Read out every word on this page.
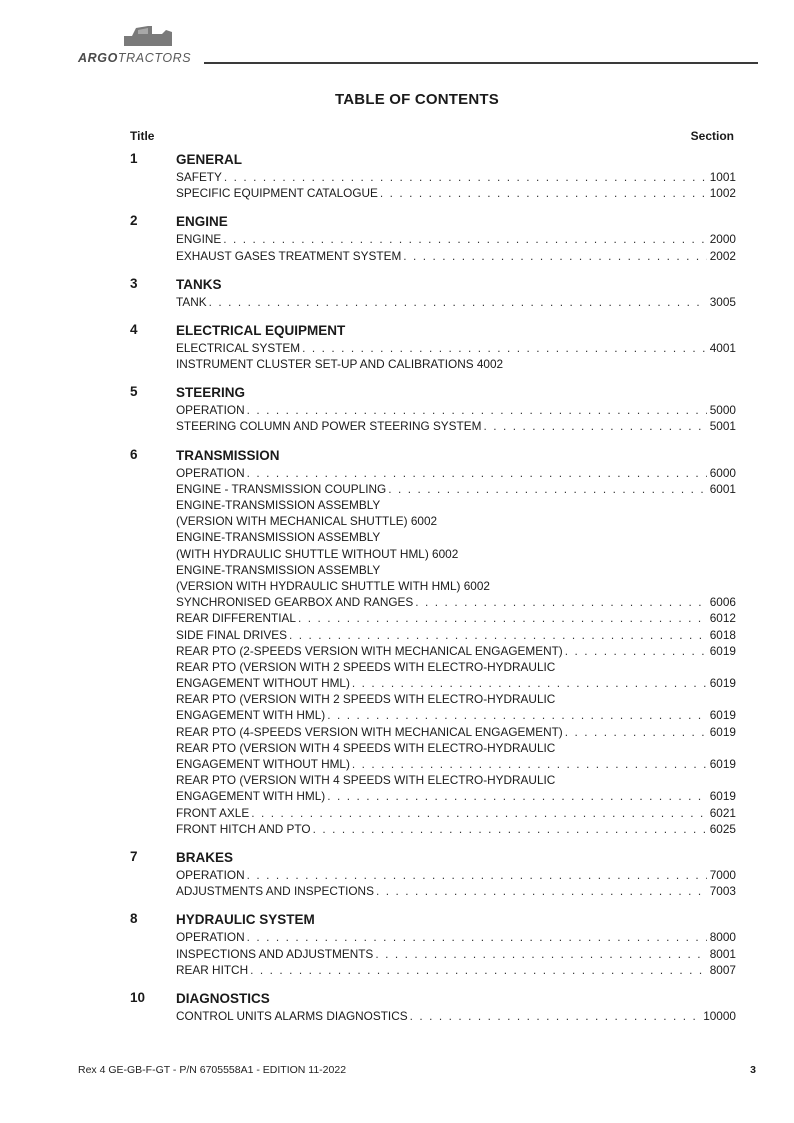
ARGOTRACTORS
TABLE OF CONTENTS
Title	Section
1	GENERAL
SAFETY . . .	1001
SPECIFIC EQUIPMENT CATALOGUE . . .	1002
2	ENGINE
ENGINE . . .	2000
EXHAUST GASES TREATMENT SYSTEM . . .	2002
3	TANKS
TANK . . .	3005
4	ELECTRICAL EQUIPMENT
ELECTRICAL SYSTEM . . .	4001
INSTRUMENT CLUSTER SET-UP AND CALIBRATIONS 4002
5	STEERING
OPERATION . . .	5000
STEERING COLUMN AND POWER STEERING SYSTEM . . .	5001
6	TRANSMISSION
OPERATION . . .	6000
ENGINE - TRANSMISSION COUPLING . . .	6001
ENGINE-TRANSMISSION ASSEMBLY
(VERSION WITH MECHANICAL SHUTTLE) 6002
ENGINE-TRANSMISSION ASSEMBLY
(WITH HYDRAULIC SHUTTLE WITHOUT HML) 6002
ENGINE-TRANSMISSION ASSEMBLY
(VERSION WITH HYDRAULIC SHUTTLE WITH HML) 6002
SYNCHRONISED GEARBOX AND RANGES . . .	6006
REAR DIFFERENTIAL . . .	6012
SIDE FINAL DRIVES . . .	6018
REAR PTO (2-SPEEDS VERSION WITH MECHANICAL ENGAGEMENT) . . .	6019
REAR PTO (VERSION WITH 2 SPEEDS WITH ELECTRO-HYDRAULIC
ENGAGEMENT WITHOUT HML) . . .	6019
REAR PTO (VERSION WITH 2 SPEEDS WITH ELECTRO-HYDRAULIC
ENGAGEMENT WITH HML) . . .	6019
REAR PTO (4-SPEEDS VERSION WITH MECHANICAL ENGAGEMENT) . . .	6019
REAR PTO (VERSION WITH 4 SPEEDS WITH ELECTRO-HYDRAULIC
ENGAGEMENT WITHOUT HML) . . .	6019
REAR PTO (VERSION WITH 4 SPEEDS WITH ELECTRO-HYDRAULIC
ENGAGEMENT WITH HML) . . .	6019
FRONT AXLE . . .	6021
FRONT HITCH AND PTO . . .	6025
7	BRAKES
OPERATION . . .	7000
ADJUSTMENTS AND INSPECTIONS . . .	7003
8	HYDRAULIC SYSTEM
OPERATION . . .	8000
INSPECTIONS AND ADJUSTMENTS . . .	8001
REAR HITCH . . .	8007
10 DIAGNOSTICS
CONTROL UNITS ALARMS DIAGNOSTICS . . .	10000
Rex 4 GE-GB-F-GT - P/N 6705558A1 - EDITION 11-2022	3
